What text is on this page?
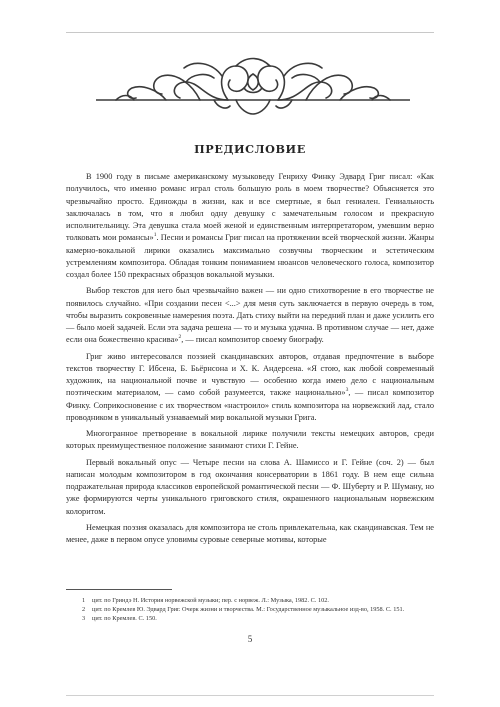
ПРЕДИСЛОВИЕ

В 1900 году в письме американскому музыковеду Генриху Финку Эдвард Григ писал: «Как получилось, что именно романс играл столь большую роль в моем творчестве? Объясняется это чрезвычайно просто. Единожды в жизни, как и все смертные, я был гениален. Гениальность заключалась в том, что я любил одну девушку с замечательным голосом и прекрасную исполнительницу. Эта девушка стала моей женой и единственным интерпретатором, умевшим верно толковать мои романсы»$^1$. Песни и романсы Григ писал на протяжении всей творческой жизни. Жанры камерно-вокальной лирики оказались максимально созвучны творческим и эстетическим устремлениям композитора. Обладая тонким пониманием нюансов человеческого голоса, композитор создал более 150 прекрасных образцов вокальной музыки.

Выбор текстов для него был чрезвычайно важен — ни одно стихотворение в его творчестве не появилось случайно. «При создании песен <...> для меня суть заключается в первую очередь в том, чтобы выразить сокровенные намерения поэта. Дать стиху выйти на передний план и даже усилить его — было моей задачей. Если эта задача решена — то и музыка удачна. В противном случае — нет, даже если она божественно красива»$^2$, — писал композитор своему биографу.

Григ живо интересовался поэзией скандинавских авторов, отдавая предпочтение в выборе текстов творчеству Г. Ибсена, Б. Бьёрнсона и Х. К. Андерсена. «Я стою, как любой современный художник, на национальной почве и чувствую — особенно когда имею дело с национальным поэтическим материалом, — само собой разумеется, также национально»$^3$, — писал композитор Финку. Соприкосновение с их творчеством «настроило» стиль композитора на норвежский лад, стало проводником в уникальный узнаваемый мир вокальной музыки Грига.

Многогранное претворение в вокальной лирике получили тексты немецких авторов, среди которых преимущественное положение занимают стихи Г. Гейне.

Первый вокальный опус — Четыре песни на слова А. Шамиссо и Г. Гейне (соч. 2) — был написан молодым композитором в год окончания консерватории в 1861 году. В нем еще сильна подражательная природа классиков европейской романтической песни — Ф. Шуберту и Р. Шуману, но уже формируются черты уникального григовского стиля, окрашенного национальным норвежским колоритом.

Немецкая поэзия оказалась для композитора не столь привлекательна, как скандинавская. Тем не менее, даже в первом опусе уловимы суровые северные мотивы, которые

1 цит. по Гриндэ Н. История норвежской музыки; пер. с норвеж. Л.: Музыка, 1982. С. 102.

2 цит. по Кремлев Ю. Эдвард Григ. Очерк жизни и творчества. М.: Государственное музыкальное изд-во, 1958. С. 151.

3 цит. по Кремлев. С. 150.

5
